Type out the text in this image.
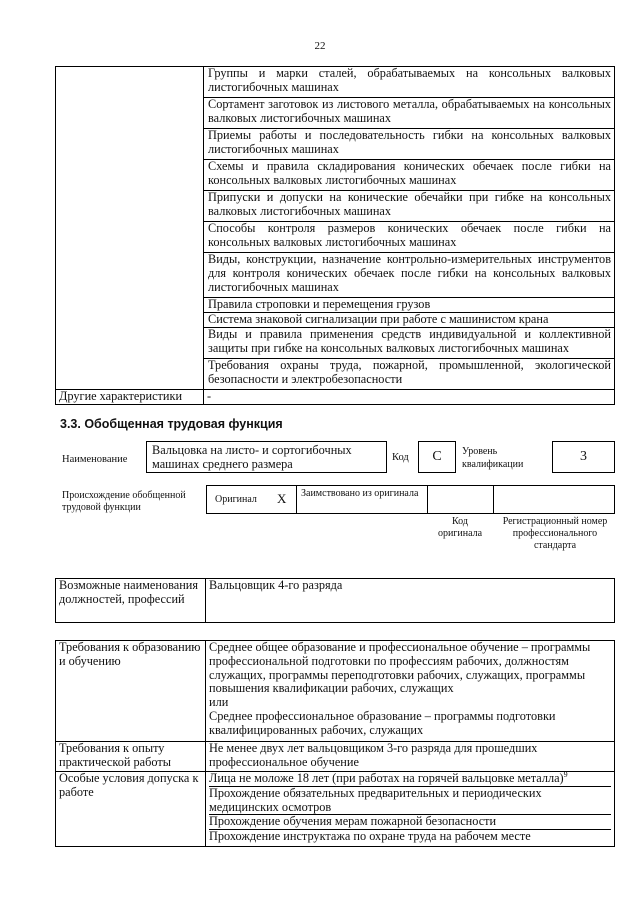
22
	Группы и марки сталей, обрабатываемых на консольных валковых листогибочных машинах
	Сортамент заготовок из листового металла, обрабатываемых на консольных валковых листогибочных машинах
	Приемы работы и последовательность гибки на консольных валковых листогибочных машинах
	Схемы и правила складирования конических обечаек после гибки на консольных валковых листогибочных машинах
	Припуски и допуски на конические обечайки при гибке на консольных валковых листогибочных машинах
	Способы контроля размеров конических обечаек после гибки на консольных валковых листогибочных машинах
	Виды, конструкции, назначение контрольно-измерительных инструментов для контроля конических обечаек после гибки на консольных валковых листогибочных машинах
	Правила строповки и перемещения грузов
	Система знаковой сигнализации при работе с машинистом крана
	Виды и правила применения средств индивидуальной и коллективной защиты при гибке на консольных валковых листогибочных машинах
	Требования охраны труда, пожарной, промышленной, экологической безопасности и электробезопасности
Другие характеристики	-
3.3. Обобщенная трудовая функция
Наименование
Вальцовка на листо- и сортогибочных машинах среднего размера	Код	C	Уровень квалификации
3
Происхождение обобщенной трудовой функции
Оригинал X	Заимствовано из оригинала
Код оригинала
Регистрационный номер профессионального стандарта
Возможные наименования должностей, профессий	Вальцовщик 4-го разряда
Требования к образованию и обучению	Среднее общее образование и профессиональное обучение – программы профессиональной подготовки по профессиям рабочих, должностям служащих, программы переподготовки рабочих, служащих, программы повышения квалификации рабочих, служащих
или
Среднее профессиональное образование – программы подготовки квалифицированных рабочих, служащих

Требования к опыту практической работы	Не менее двух лет вальцовщиком 3-го разряда для прошедших профессиональное обучение
Особые условия допуска к работе	Лица не моложе 18 лет (при работах на горячей вальцовке металла)$^9$
Прохождение обязательных предварительных и периодических медицинских осмотров
Прохождение обучения мерам пожарной безопасности
Прохождение инструктажа по охране труда на рабочем месте
